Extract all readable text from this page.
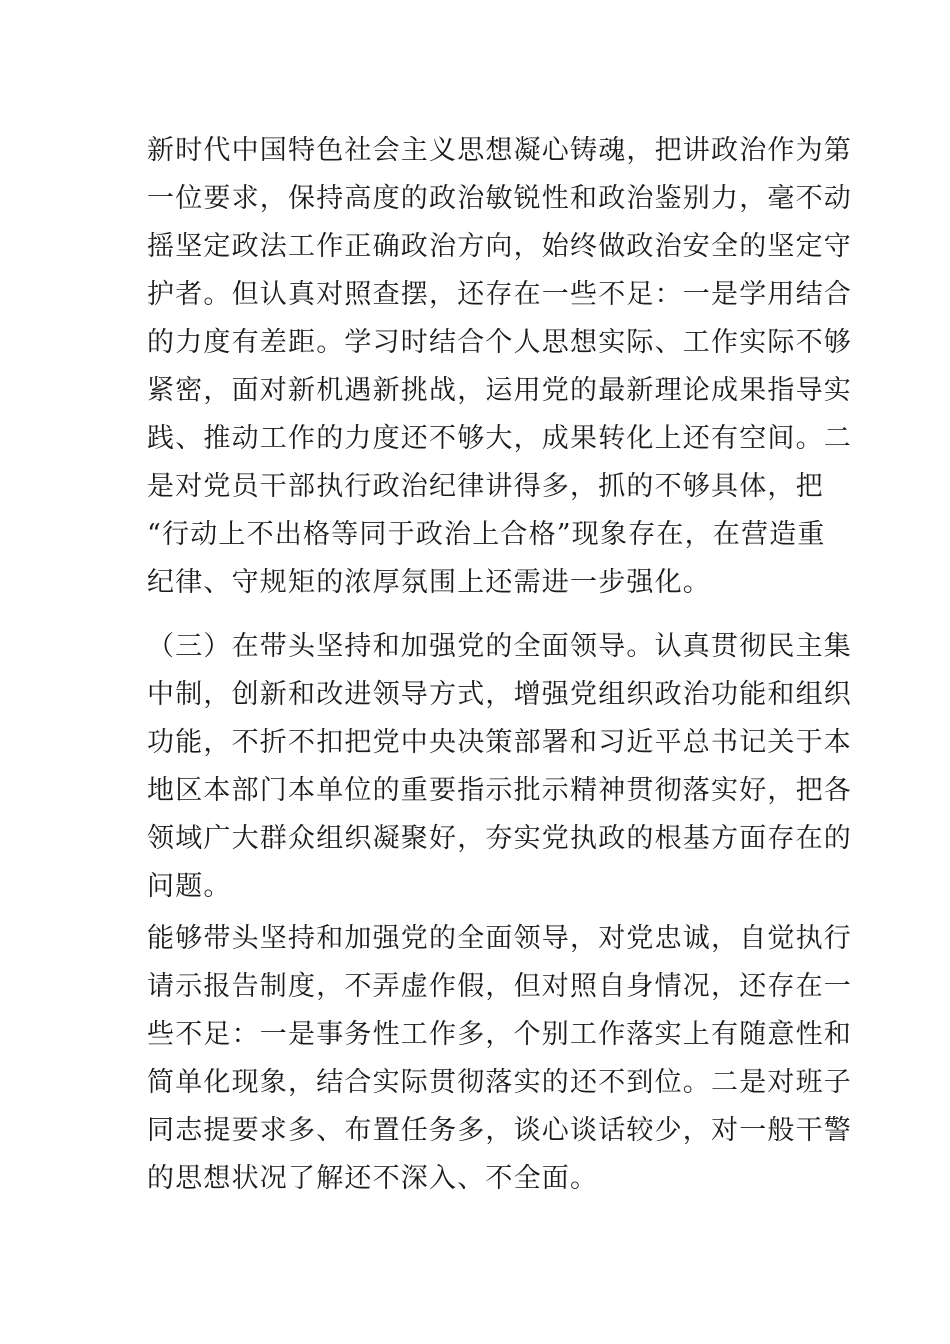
新时代中国特色社会主义思想凝心铸魂，把讲政治作为第
一位要求，保持高度的政治敏锐性和政治鉴别力，毫不动
摇坚定政法工作正确政治方向，始终做政治安全的坚定守
护者。但认真对照查摆，还存在一些不足：一是学用结合
的力度有差距。学习时结合个人思想实际、工作实际不够
紧密，面对新机遇新挑战，运用党的最新理论成果指导实
践、推动工作的力度还不够大，成果转化上还有空间。二
是对党员干部执行政治纪律讲得多，抓的不够具体，把
“行动上不出格等同于政治上合格”现象存在，在营造重
纪律、守规矩的浓厚氛围上还需进一步强化。
（三）在带头坚持和加强党的全面领导。认真贯彻民主集
中制，创新和改进领导方式，增强党组织政治功能和组织
功能，不折不扣把党中央决策部署和习近平总书记关于本
地区本部门本单位的重要指示批示精神贯彻落实好，把各
领域广大群众组织凝聚好，夯实党执政的根基方面存在的
问题。
能够带头坚持和加强党的全面领导，对党忠诚，自觉执行
请示报告制度，不弄虚作假，但对照自身情况，还存在一
些不足：一是事务性工作多，个别工作落实上有随意性和
简单化现象，结合实际贯彻落实的还不到位。二是对班子
同志提要求多、布置任务多，谈心谈话较少，对一般干警
的思想状况了解还不深入、不全面。
